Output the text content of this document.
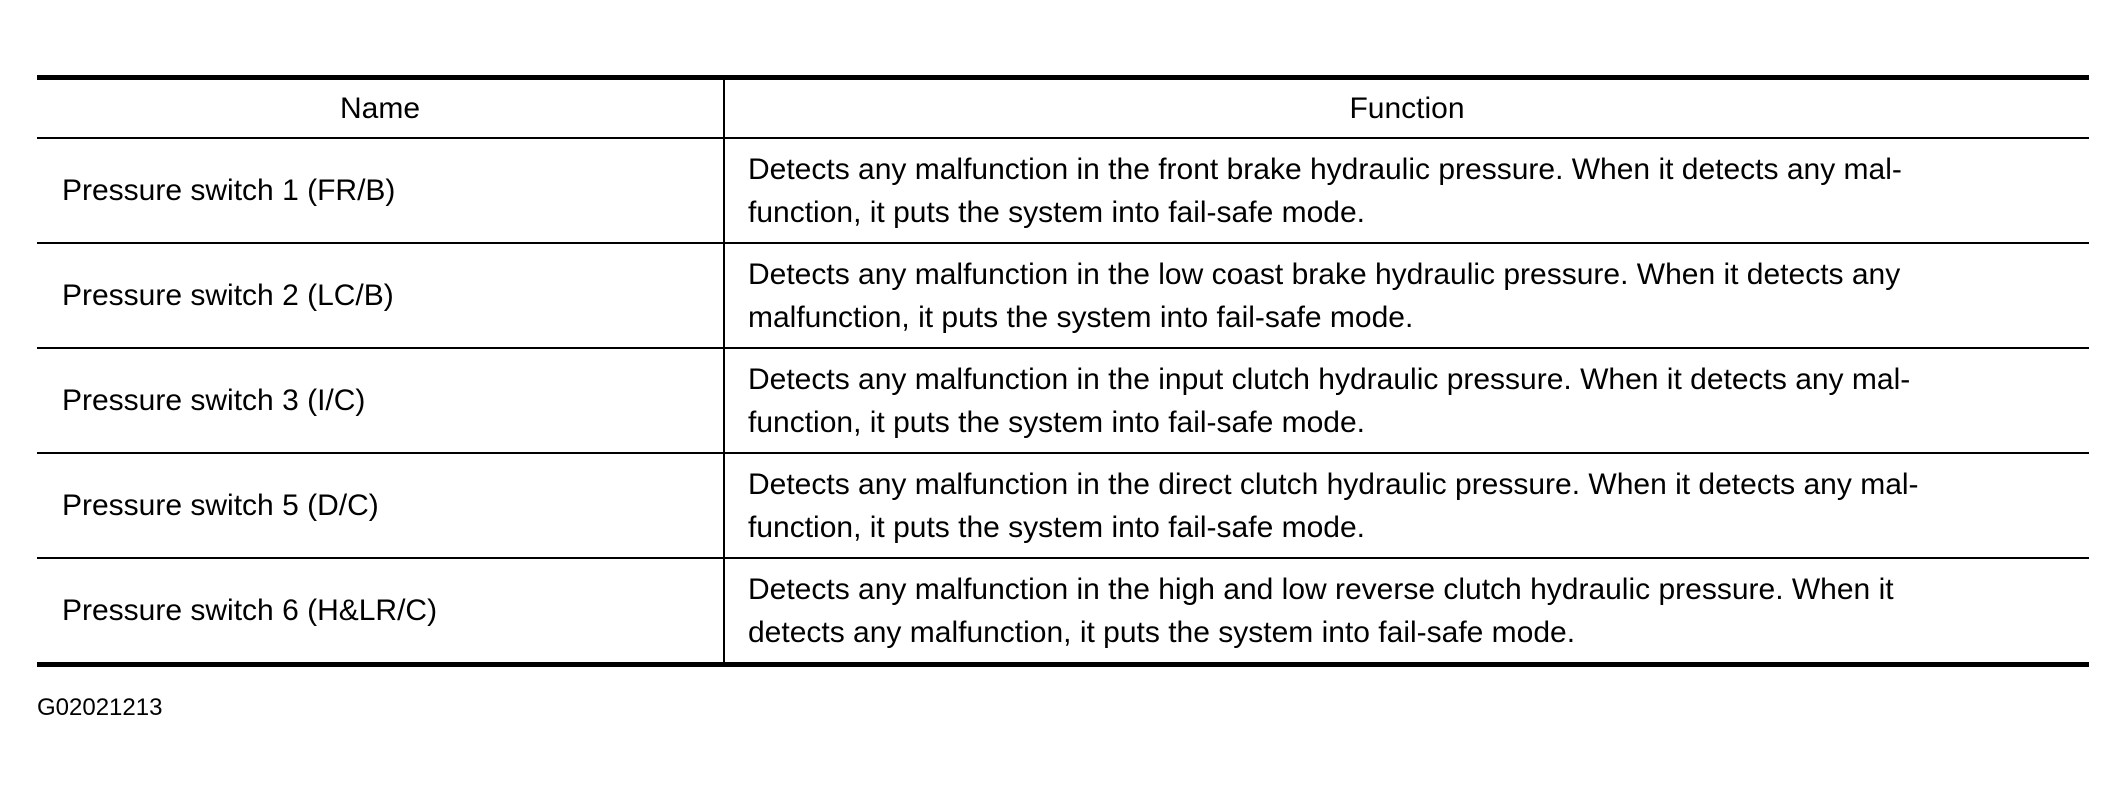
Name	Function
Pressure switch 1 (FR/B)	Detects any malfunction in the front brake hydraulic pressure. When it detects any mal-
function, it puts the system into fail-safe mode.

Pressure switch 2 (LC/B)	Detects any malfunction in the low coast brake hydraulic pressure. When it detects any
malfunction, it puts the system into fail-safe mode.

Pressure switch 3 (I/C)	Detects any malfunction in the input clutch hydraulic pressure. When it detects any mal-
function, it puts the system into fail-safe mode.

Pressure switch 5 (D/C)	Detects any malfunction in the direct clutch hydraulic pressure. When it detects any mal-
function, it puts the system into fail-safe mode.

Pressure switch 6 (H&LR/C)	Detects any malfunction in the high and low reverse clutch hydraulic pressure. When it
detects any malfunction, it puts the system into fail-safe mode.
G02021213
